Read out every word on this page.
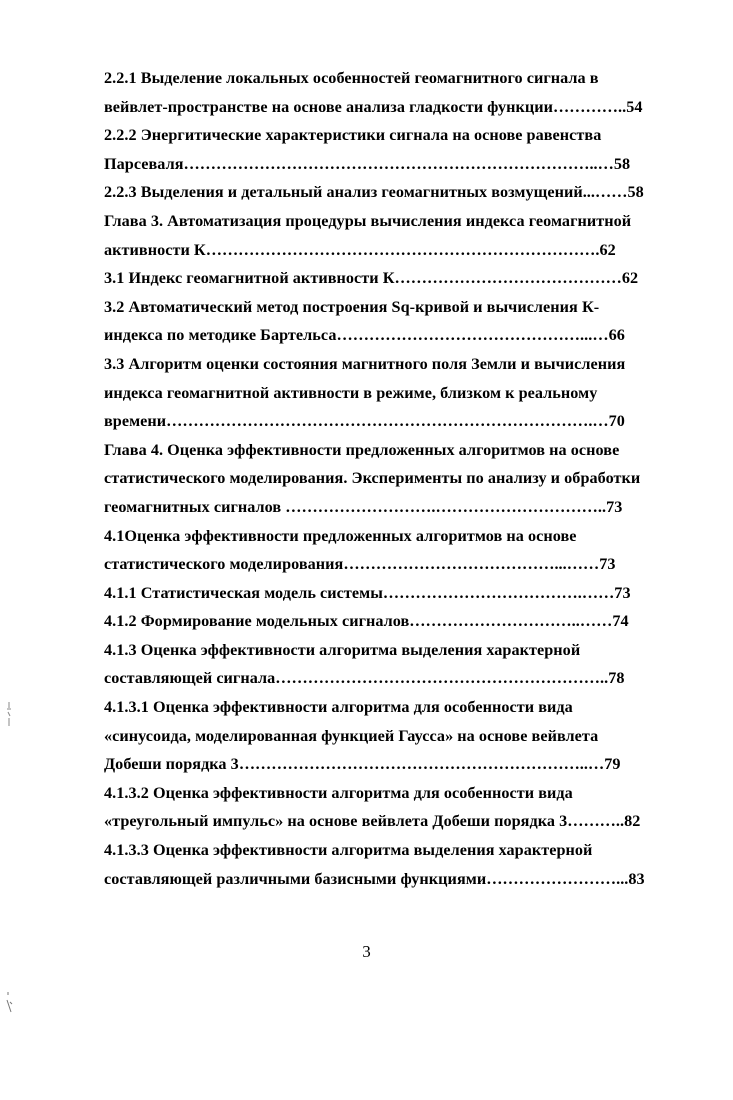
2.2.1 Выделение локальных особенностей геомагнитного сигнала в
вейвлет-пространстве на основе анализа гладкости функции…………..54
2.2.2 Энергитические характеристики сигнала на основе равенства
Парсеваля…………………………………………………………………..…58
2.2.3 Выделения и детальный анализ геомагнитных возмущений...……58
Глава 3. Автоматизация процедуры вычисления индекса геомагнитной
активности К……………………………………………………………….62
3.1 Индекс геомагнитной активности К……………………………………62
3.2 Автоматический метод построения Sq-кривой и вычисления К-
индекса по методике Бартельса………………………………………...…66
3.3 Алгоритм оценки состояния магнитного поля Земли и вычисления
индекса геомагнитной активности в режиме, близком к реальному
времени…………………………………………………………………….…70
Глава 4. Оценка эффективности предложенных алгоритмов на основе
статистического моделирования. Эксперименты по анализу и обработки
геомагнитных сигналов ……………………….…………………………..73
4.1Оценка эффективности предложенных алгоритмов на основе
статистического моделирования…………………………………...……73
4.1.1 Статистическая модель системы……………………………….……73
4.1.2 Формирование модельных сигналов…………………………..……74
4.1.3 Оценка эффективности алгоритма выделения характерной
составляющей сигнала……………………………………………………..78
4.1.3.1 Оценка эффективности алгоритма для особенности вида
«синусоида, моделированная функцией Гаусса» на основе вейвлета
Добеши порядка 3………………………………………………………..…79
4.1.3.2 Оценка эффективности алгоритма для особенности вида
«треугольный импульс» на основе вейвлета Добеши порядка 3………..82
4.1.3.3 Оценка эффективности алгоритма выделения характерной
составляющей различными базисными функциями……………………...83
3
